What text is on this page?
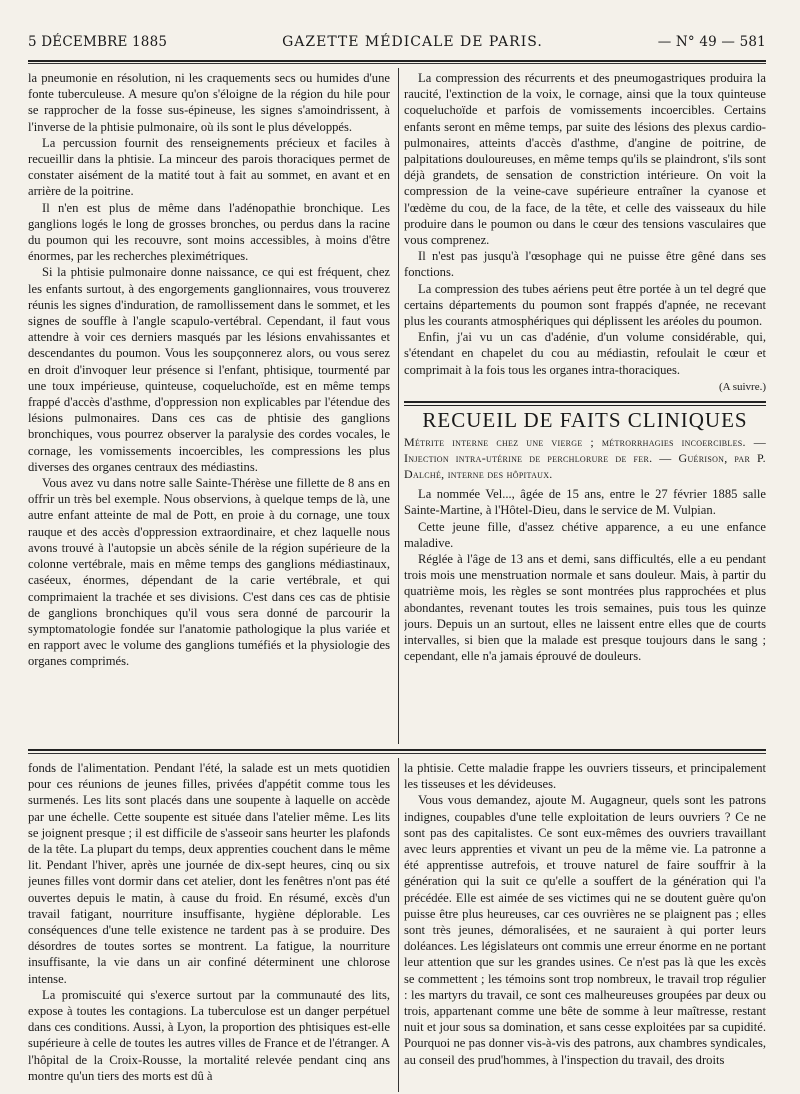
5 DÉCEMBRE 1885	GAZETTE MÉDICALE DE PARIS.	— N° 49 — 581

la pneumonie en résolution, ni les craquements secs ou humides d'une fonte tuberculeuse. A mesure qu'on s'éloigne de la région du hile pour se rapprocher de la fosse sus-épineuse, les signes s'amoindrissent, à l'inverse de la phtisie pulmonaire, où ils sont le plus développés.

La percussion fournit des renseignements précieux et faciles à recueillir dans la phtisie. La minceur des parois thoraciques permet de constater aisément de la matité tout à fait au sommet, en avant et en arrière de la poitrine.

Il n'en est plus de même dans l'adénopathie bronchique. Les ganglions logés le long de grosses bronches, ou perdus dans la racine du poumon qui les recouvre, sont moins accessibles, à moins d'être énormes, par les recherches pleximétriques.

Si la phtisie pulmonaire donne naissance, ce qui est fréquent, chez les enfants surtout, à des engorgements ganglionnaires, vous trouverez réunis les signes d'induration, de ramollissement dans le sommet, et les signes de souffle à l'angle scapulo-vertébral. Cependant, il faut vous attendre à voir ces derniers masqués par les lésions envahissantes et descendantes du poumon. Vous les soupçonnerez alors, ou vous serez en droit d'invoquer leur présence si l'enfant, phtisique, tourmenté par une toux impérieuse, quinteuse, coqueluchoïde, est en même temps frappé d'accès d'asthme, d'oppression non explicables par l'étendue des lésions pulmonaires. Dans ces cas de phtisie des ganglions bronchiques, vous pourrez observer la paralysie des cordes vocales, le cornage, les vomissements incoercibles, les compressions les plus diverses des organes centraux des médiastins.

Vous avez vu dans notre salle Sainte-Thérèse une fillette de 8 ans en offrir un très bel exemple. Nous observions, à quelque temps de là, une autre enfant atteinte de mal de Pott, en proie à du cornage, une toux rauque et des accès d'oppression extraordinaire, et chez laquelle nous avons trouvé à l'autopsie un abcès sénile de la région supérieure de la colonne vertébrale, mais en même temps des ganglions médiastinaux, caséeux, énormes, dépendant de la carie vertébrale, et qui comprimaient la trachée et ses divisions. C'est dans ces cas de phtisie de ganglions bronchiques qu'il vous sera donné de parcourir la symptomatologie fondée sur l'anatomie pathologique la plus variée et en rapport avec le volume des ganglions tuméfiés et la physiologie des organes comprimés.

La compression des récurrents et des pneumogastriques produira la raucité, l'extinction de la voix, le cornage, ainsi que la toux quinteuse coqueluchoïde et parfois de vomissements incoercibles. Certains enfants seront en même temps, par suite des lésions des plexus cardio-pulmonaires, atteints d'accès d'asthme, d'angine de poitrine, de palpitations douloureuses, en même temps qu'ils se plaindront, s'ils sont déjà grandets, de sensation de constriction intérieure. On voit la compression de la veine-cave supérieure entraîner la cyanose et l'œdème du cou, de la face, de la tête, et celle des vaisseaux du hile produire dans le poumon ou dans le cœur des tensions vasculaires que vous comprenez.

Il n'est pas jusqu'à l'œsophage qui ne puisse être gêné dans ses fonctions.

La compression des tubes aériens peut être portée à un tel degré que certains départements du poumon sont frappés d'apnée, ne recevant plus les courants atmosphériques qui déplissent les aréoles du poumon.

Enfin, j'ai vu un cas d'adénie, d'un volume considérable, qui, s'étendant en chapelet du cou au médiastin, refoulait le cœur et comprimait à la fois tous les organes intra-thoraciques.

(A suivre.)
RECUEIL DE FAITS CLINIQUES
Métrite interne chez une vierge ; métrorrhagies incoercibles. — Injection intra-utérine de perchlorure de fer. — Guérison, par P. Dalché, interne des hôpitaux.

La nommée Vel..., âgée de 15 ans, entre le 27 février 1885 salle Sainte-Martine, à l'Hôtel-Dieu, dans le service de M. Vulpian.

Cette jeune fille, d'assez chétive apparence, a eu une enfance maladive.

Réglée à l'âge de 13 ans et demi, sans difficultés, elle a eu pendant trois mois une menstruation normale et sans douleur. Mais, à partir du quatrième mois, les règles se sont montrées plus rapprochées et plus abondantes, revenant toutes les trois semaines, puis tous les quinze jours. Depuis un an surtout, elles ne laissent entre elles que de courts intervalles, si bien que la malade est presque toujours dans le sang ; cependant, elle n'a jamais éprouvé de douleurs.

fonds de l'alimentation. Pendant l'été, la salade est un mets quotidien pour ces réunions de jeunes filles, privées d'appétit comme tous les surmenés. Les lits sont placés dans une soupente à laquelle on accède par une échelle. Cette soupente est située dans l'atelier même. Les lits se joignent presque ; il est difficile de s'asseoir sans heurter les plafonds de la tête. La plupart du temps, deux apprenties couchent dans le même lit. Pendant l'hiver, après une journée de dix-sept heures, cinq ou six jeunes filles vont dormir dans cet atelier, dont les fenêtres n'ont pas été ouvertes depuis le matin, à cause du froid. En résumé, excès d'un travail fatigant, nourriture insuffisante, hygiène déplorable. Les conséquences d'une telle existence ne tardent pas à se produire. Des désordres de toutes sortes se montrent. La fatigue, la nourriture insuffisante, la vie dans un air confiné déterminent une chlorose intense.

La promiscuité qui s'exerce surtout par la communauté des lits, expose à toutes les contagions. La tuberculose est un danger perpétuel dans ces conditions. Aussi, à Lyon, la proportion des phtisiques est-elle supérieure à celle de toutes les autres villes de France et de l'étranger. A l'hôpital de la Croix-Rousse, la mortalité relevée pendant cinq ans montre qu'un tiers des morts est dû à

la phtisie. Cette maladie frappe les ouvriers tisseurs, et principalement les tisseuses et les dévideuses.

Vous vous demandez, ajoute M. Augagneur, quels sont les patrons indignes, coupables d'une telle exploitation de leurs ouvriers ? Ce ne sont pas des capitalistes. Ce sont eux-mêmes des ouvriers travaillant avec leurs apprenties et vivant un peu de la même vie. La patronne a été apprentisse autrefois, et trouve naturel de faire souffrir à la génération qui la suit ce qu'elle a souffert de la génération qui l'a précédée. Elle est aimée de ses victimes qui ne se doutent guère qu'on puisse être plus heureuses, car ces ouvrières ne se plaignent pas ; elles sont très jeunes, démoralisées, et ne sauraient à qui porter leurs doléances. Les législateurs ont commis une erreur énorme en ne portant leur attention que sur les grandes usines. Ce n'est pas là que les excès se commettent ; les témoins sont trop nombreux, le travail trop régulier : les martyrs du travail, ce sont ces malheureuses groupées par deux ou trois, appartenant comme une bête de somme à leur maîtresse, restant nuit et jour sous sa domination, et sans cesse exploitées par sa cupidité. Pourquoi ne pas donner vis-à-vis des patrons, aux chambres syndicales, au conseil des prud'hommes, à l'inspection du travail, des droits
